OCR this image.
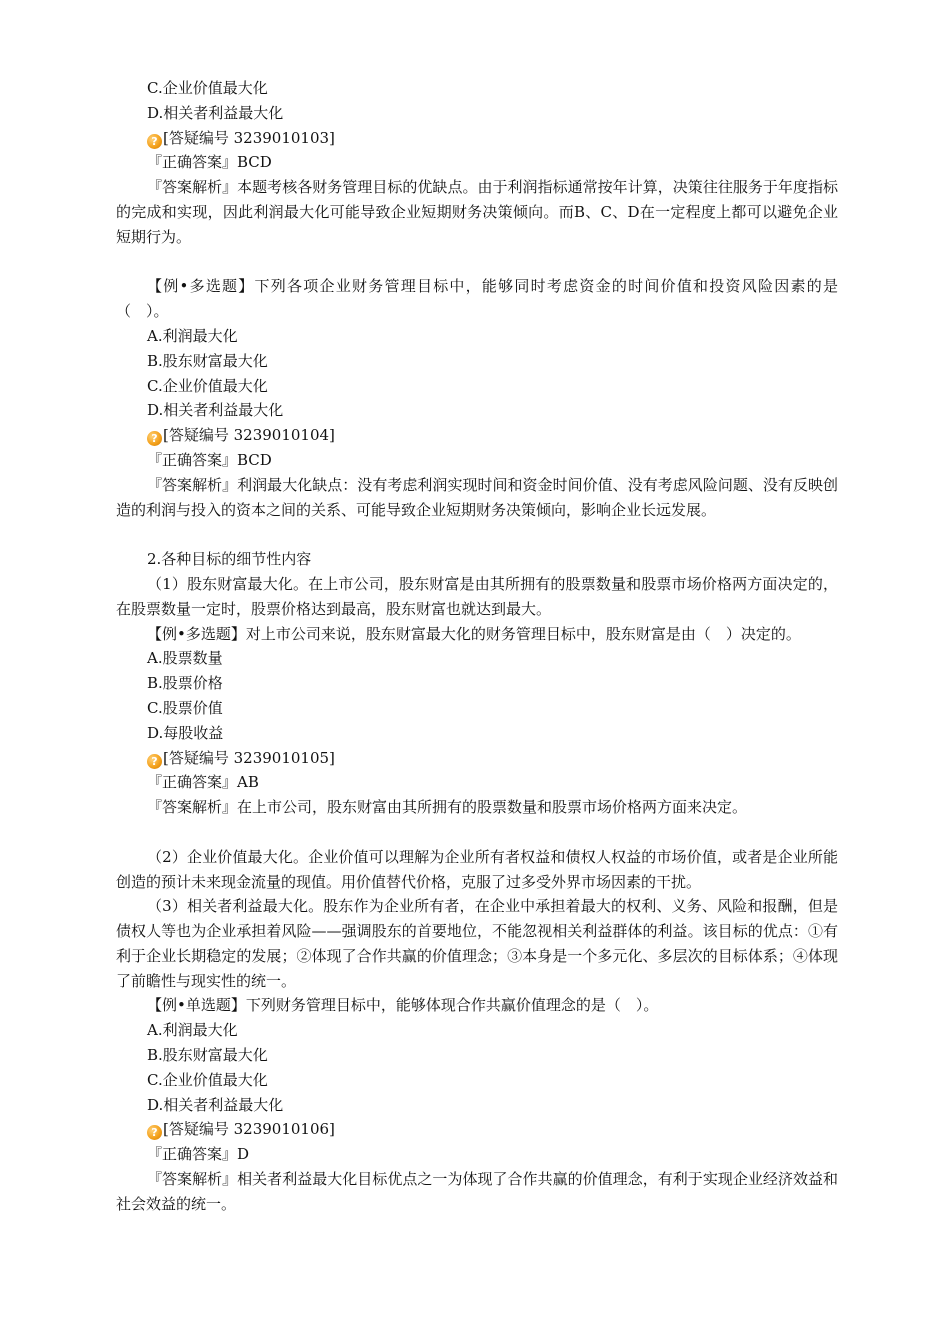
C.企业价值最大化
D.相关者利益最大化
? [答疑编号 3239010103]
『正确答案』BCD
『答案解析』本题考核各财务管理目标的优缺点。由于利润指标通常按年计算，决策往往服务于年度指标的完成和实现，因此利润最大化可能导致企业短期财务决策倾向。而B、C、D在一定程度上都可以避免企业短期行为。
【例•多选题】下列各项企业财务管理目标中，能够同时考虑资金的时间价值和投资风险因素的是（　）。
A.利润最大化
B.股东财富最大化
C.企业价值最大化
D.相关者利益最大化
? [答疑编号 3239010104]
『正确答案』BCD
『答案解析』利润最大化缺点：没有考虑利润实现时间和资金时间价值、没有考虑风险问题、没有反映创造的利润与投入的资本之间的关系、可能导致企业短期财务决策倾向，影响企业长远发展。
2.各种目标的细节性内容
（1）股东财富最大化。在上市公司，股东财富是由其所拥有的股票数量和股票市场价格两方面决定的，在股票数量一定时，股票价格达到最高，股东财富也就达到最大。
【例•多选题】对上市公司来说，股东财富最大化的财务管理目标中，股东财富是由（　）决定的。
A.股票数量
B.股票价格
C.股票价值
D.每股收益
? [答疑编号 3239010105]
『正确答案』AB
『答案解析』在上市公司，股东财富由其所拥有的股票数量和股票市场价格两方面来决定。
（2）企业价值最大化。企业价值可以理解为企业所有者权益和债权人权益的市场价值，或者是企业所能创造的预计未来现金流量的现值。用价值替代价格，克服了过多受外界市场因素的干扰。
（3）相关者利益最大化。股东作为企业所有者，在企业中承担着最大的权利、义务、风险和报酬，但是债权人等也为企业承担着风险——强调股东的首要地位，不能忽视相关利益群体的利益。该目标的优点：①有利于企业长期稳定的发展；②体现了合作共赢的价值理念；③本身是一个多元化、多层次的目标体系；④体现了前瞻性与现实性的统一。
【例•单选题】下列财务管理目标中，能够体现合作共赢价值理念的是（　）。
A.利润最大化
B.股东财富最大化
C.企业价值最大化
D.相关者利益最大化
? [答疑编号 3239010106]
『正确答案』D
『答案解析』相关者利益最大化目标优点之一为体现了合作共赢的价值理念，有利于实现企业经济效益和社会效益的统一。
